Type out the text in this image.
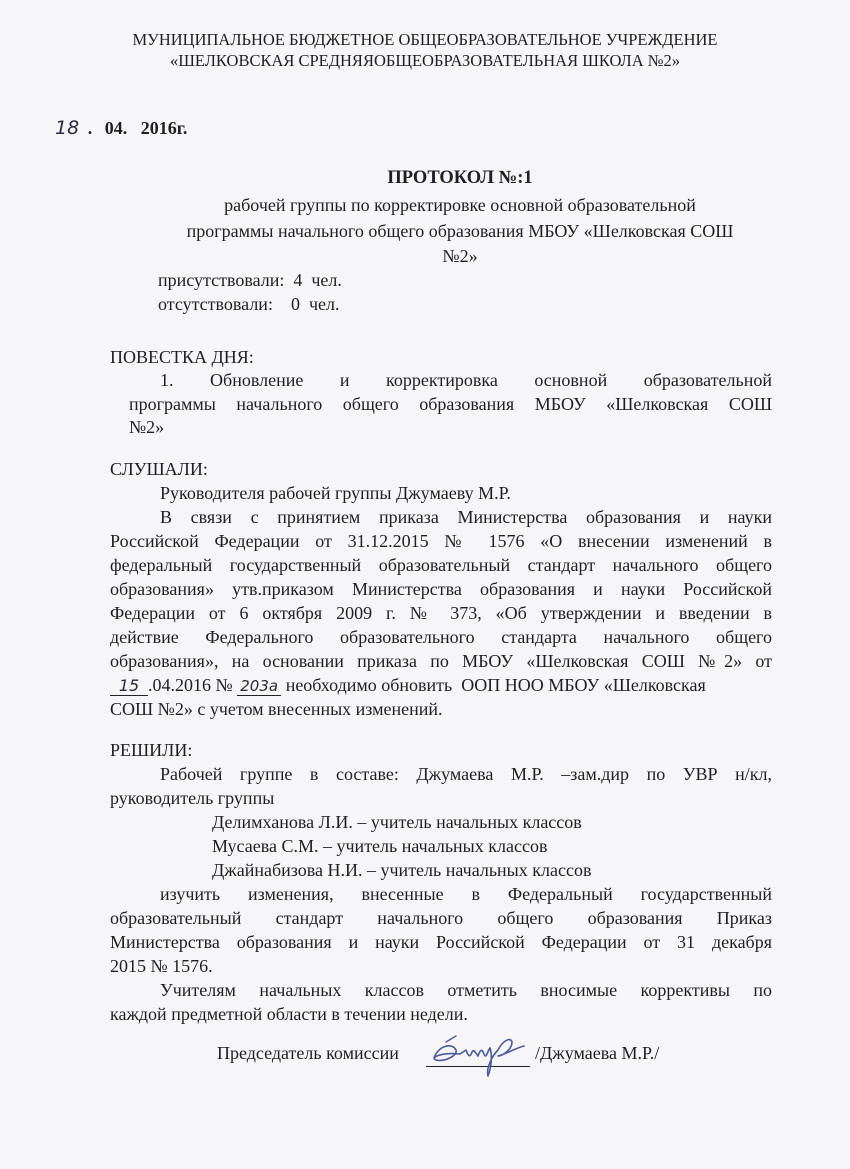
МУНИЦИПАЛЬНОЕ БЮДЖЕТНОЕ ОБЩЕОБРАЗОВАТЕЛЬНОЕ УЧРЕЖДЕНИЕ
«ШЕЛКОВСКАЯ СРЕДНЯЯОБЩЕОБРАЗОВАТЕЛЬНАЯ ШКОЛА №2»
18 . 04.   2016г.
ПРОТОКОЛ №:1
рабочей группы по корректировке основной образовательной
программы начального общего образования МБОУ «Шелковская СОШ
№2»
присутствовали:  4  чел.
отсутствовали:    0  чел.
ПОВЕСТКА ДНЯ:
1. Обновление и корректировка основной образовательной
программы начального общего образования МБОУ «Шелковская СОШ
№2»
СЛУШАЛИ:
Руководителя рабочей группы Джумаеву М.Р.
В связи с принятием приказа Министерства образования и науки
Российской Федерации от 31.12.2015 № 1576 «О внесении изменений в
федеральный государственный образовательный стандарт начального общего
образования» утв.приказом Министерства образования и науки Российской
Федерации от 6 октября 2009 г. № 373, «Об утверждении и введении в
действие Федерального образовательного стандарта начального общего
образования», на основании приказа по МБОУ «Шелковская СОШ №2» от
15 .04.2016 № 203а необходимо обновить  ООП НОО МБОУ «Шелковская
СОШ №2» с учетом внесенных изменений.
РЕШИЛИ:
Рабочей группе в составе: Джумаева М.Р. –зам.дир по УВР н/кл,
руководитель группы
Делимханова Л.И. – учитель начальных классов
Мусаева С.М. – учитель начальных классов
Джайнабизова Н.И. – учитель начальных классов
изучить изменения, внесенные в Федеральный государственный
образовательный стандарт начального общего образования Приказ
Министерства образования и науки Российской Федерации от 31 декабря
2015 № 1576.
Учителям начальных классов отметить вносимые коррективы по
каждой предметной области в течении недели.
Председатель комиссии	/Джумаева М.Р./
